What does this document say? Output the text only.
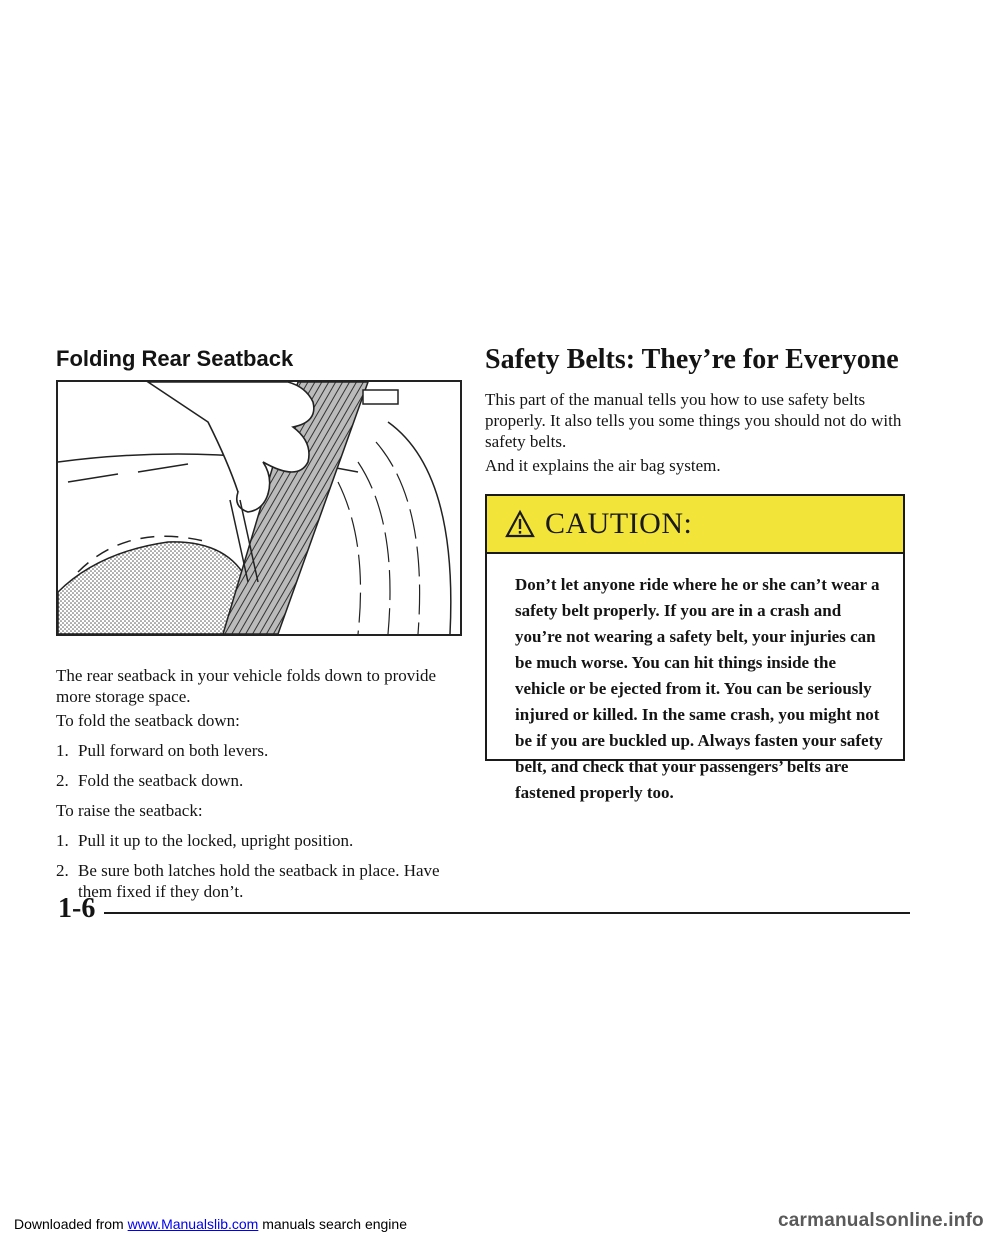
Folding Rear Seatback

The rear seatback in your vehicle folds down to provide more storage space.

To fold the seatback down:

1. Pull forward on both levers.
2. Fold the seatback down.

To raise the seatback:

1. Pull it up to the locked, upright position.
2. Be sure both latches hold the seatback in place. Have them fixed if they don’t.
Safety Belts: They’re for Everyone

This part of the manual tells you how to use safety belts properly. It also tells you some things you should not do with safety belts.

And it explains the air bag system.

CAUTION:
Don’t let anyone ride where he or she can’t wear a safety belt properly. If you are in a crash and you’re not wearing a safety belt, your injuries can be much worse. You can hit things inside the vehicle or be ejected from it. You can be seriously injured or killed. In the same crash, you might not be if you are buckled up. Always fasten your safety belt, and check that your passengers’ belts are fastened properly too.
1-6
Downloaded from www.Manualslib.com manuals search engine	carmanualsonline.info
